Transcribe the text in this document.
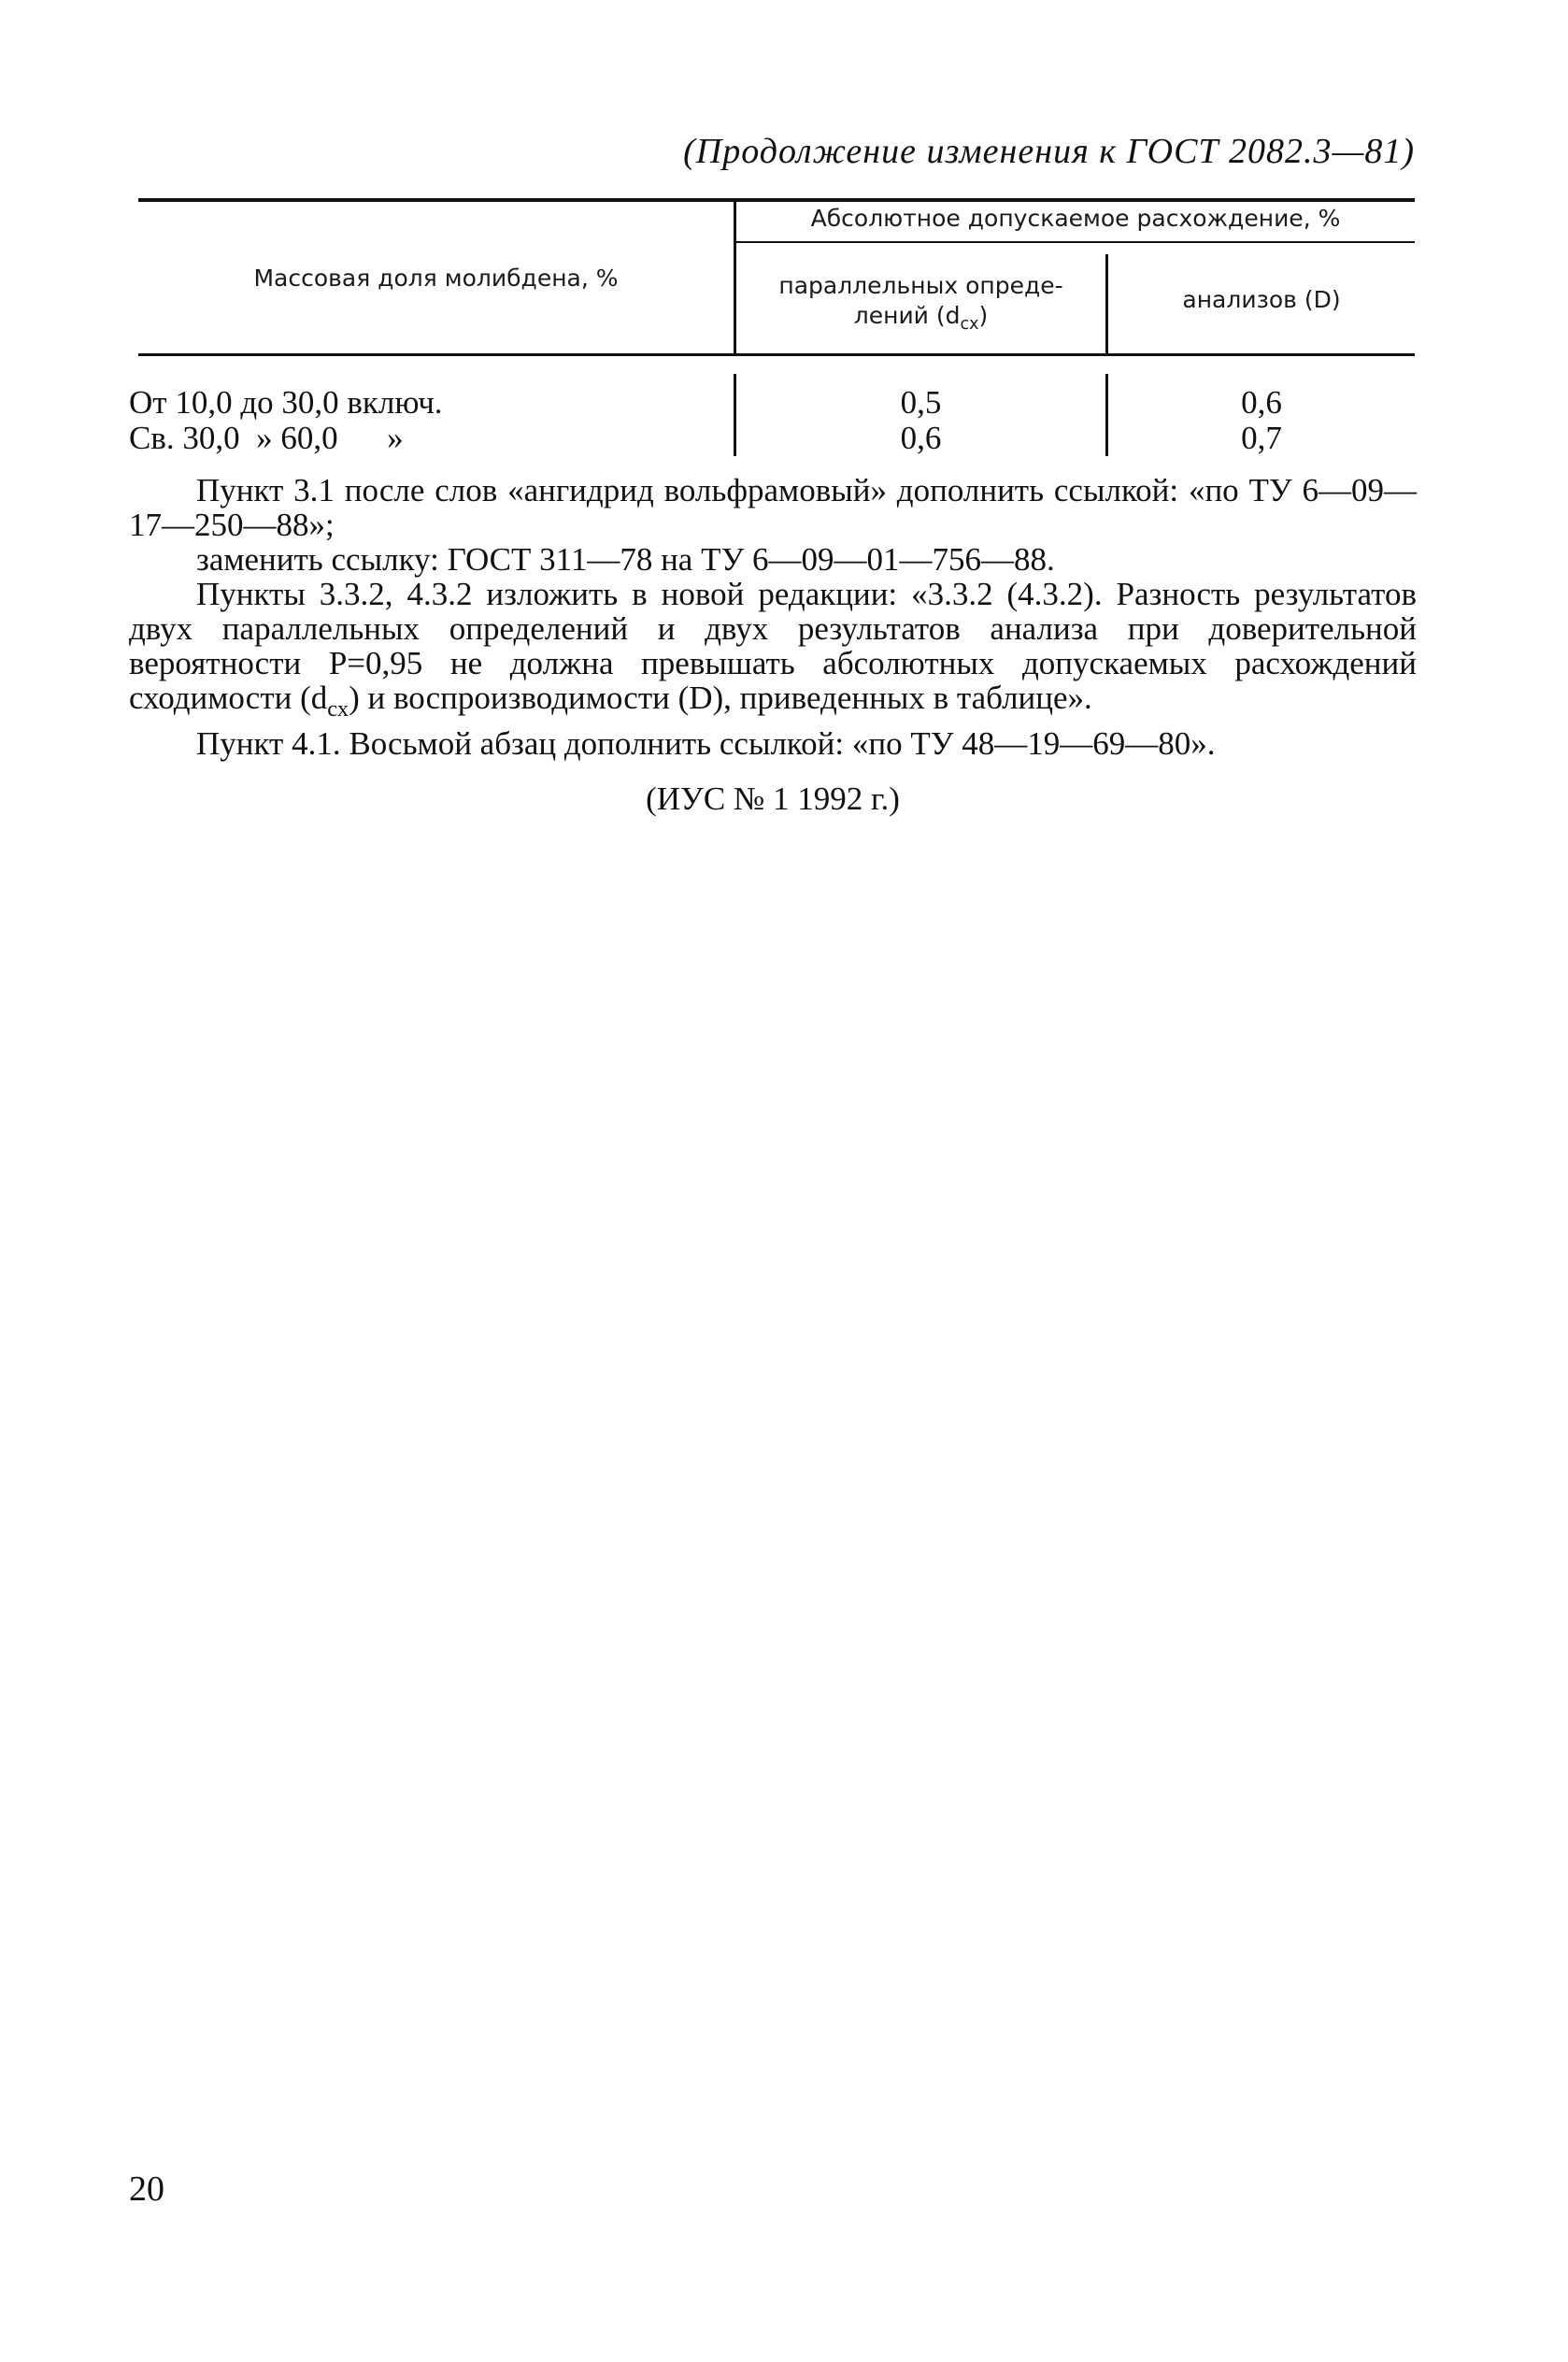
(Продолжение изменения к ГОСТ 2082.3—81)
Массовая доля молибдена, %
Абсолютное допускаемое расхождение, %
параллельных опреде-
лений $(d_{сх})$
анализов (D)
От 10,0 до 30,0 включ.	0,5	0,6
Св. 30,0  » 60,0      »	0,6	0,7

Пункт 3.1 после слов «ангидрид вольфрамовый» дополнить ссылкой: «по ТУ 6—09—17—250—88»;

заменить ссылку: ГОСТ 311—78 на ТУ 6—09—01—756—88.

Пункты 3.3.2, 4.3.2 изложить в новой редакции: «3.3.2 (4.3.2). Разность результатов двух параллельных определений и двух результатов анализа при доверительной вероятности P=0,95 не должна превышать абсолютных допускаемых расхождений сходимости $(d_{сх})$ и воспроизводимости (D), приведенных в таблице».

Пункт 4.1. Восьмой абзац дополнить ссылкой: «по ТУ 48—19—69—80».

(ИУС № 1 1992 г.)
20
